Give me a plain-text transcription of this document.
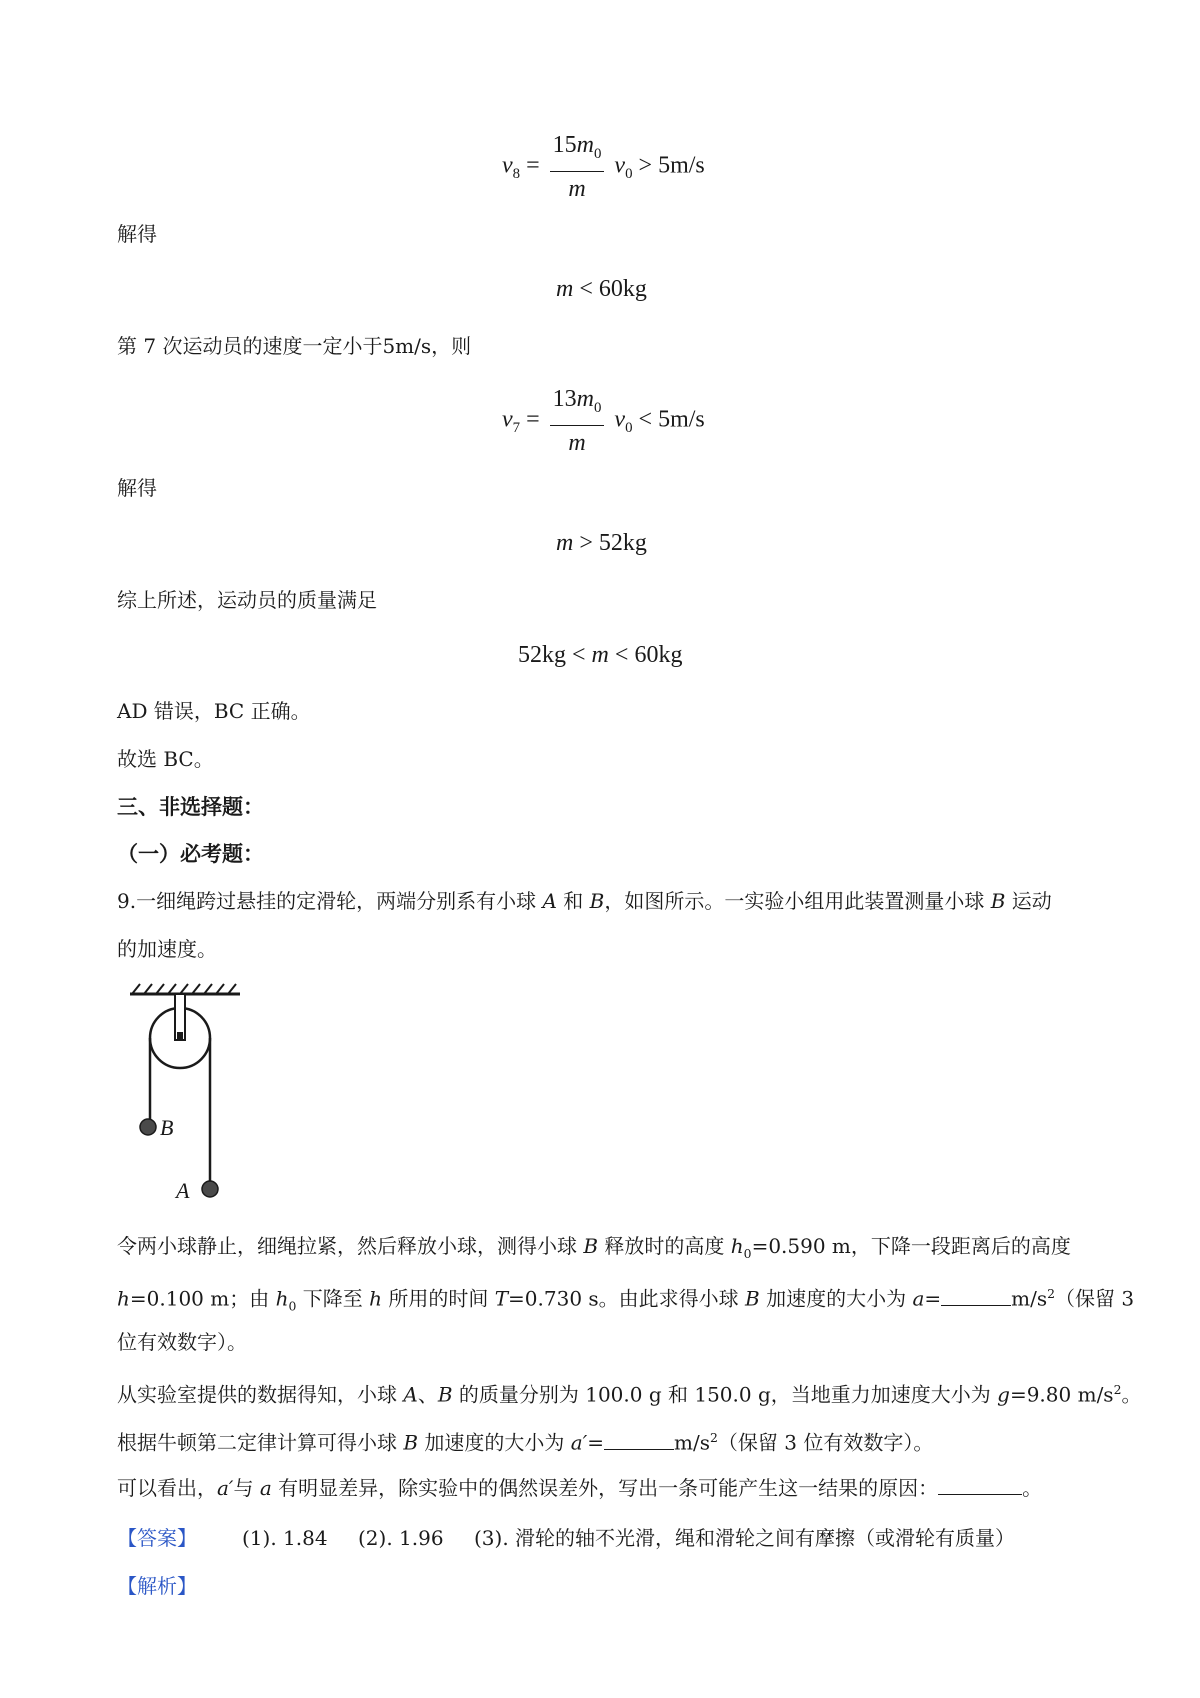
$v_8 = \frac{15m_0}{m} v_0 > 5m/s$
解得
m < 60kg
第 7 次运动员的速度一定小于5m/s，则
$v_7 = \frac{13m_0}{m} v_0 < 5m/s$
解得
m > 52kg
综上所述，运动员的质量满足
52kg < m < 60kg
AD 错误，BC 正确。
故选 BC。
三、非选择题：
（一）必考题：
9.一细绳跨过悬挂的定滑轮，两端分别系有小球 A 和 B，如图所示。一实验小组用此装置测量小球 B 运动
的加速度。
B
A
令两小球静止，细绳拉紧，然后释放小球，测得小球 B 释放时的高度 $h_0=0.590$ m，下降一段距离后的高度
h=0.100 m；由 $h_0$ 下降至 h 所用的时间 T=0.730 s。由此求得小球 B 加速度的大小为 a=	$m/s^2$（保留 3
位有效数字）。
从实验室提供的数据得知，小球 A、B 的质量分别为 100.0 g 和 150.0 g，当地重力加速度大小为 g=9.80 $m/s^2$。
根据牛顿第二定律计算可得小球 B 加速度的大小为 a′=	$m/s^2$（保留 3 位有效数字）。
可以看出，a′与 a 有明显差异，除实验中的偶然误差外，写出一条可能产生这一结果的原因：	。
【答案】 (1). 1.84 (2). 1.96 (3). 滑轮的轴不光滑，绳和滑轮之间有摩擦（或滑轮有质量）
【解析】
